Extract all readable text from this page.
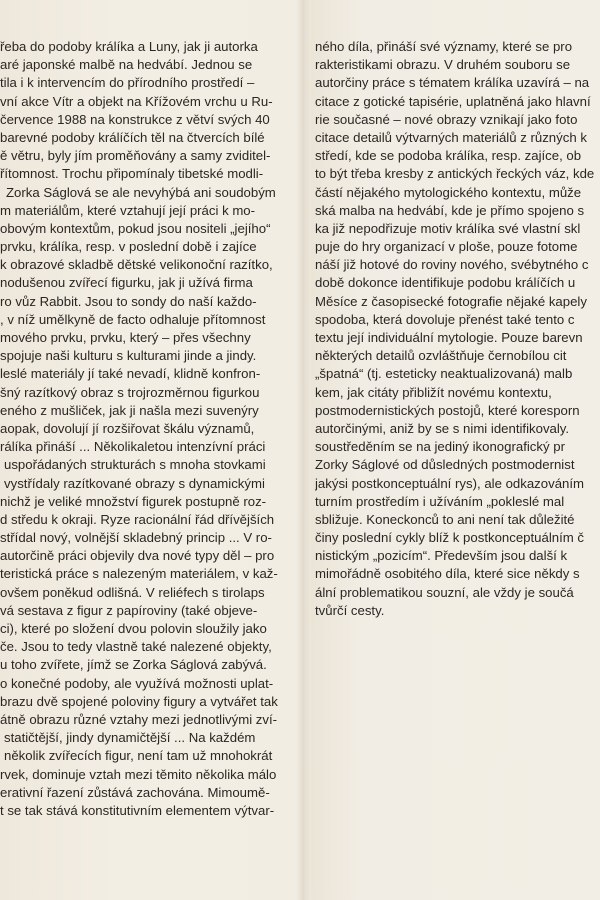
řeba do podoby králíka a Luny, jak ji autorka
aré japonské malbě na hedvábí. Jednou se
tila i k intervencím do přírodního prostředí –
vní akce Vítr a objekt na Křížovém vrchu u Ru-
července 1988 na konstrukce z větví svých 40
barevné podoby králíčích těl na čtvercích bílé
ě větru, byly jím proměňovány a samy zviditel-
řítomnost. Trochu připomínaly tibetské modli-
Zorka Ságlová se ale nevyhýbá ani soudobým
m materiálům, které vztahují její práci k mo-
obovým kontextům, pokud jsou nositeli „jejího“
prvku, králíka, resp. v poslední době i zajíce
k obrazové skladbě dětské velikonoční razítko,
nodušenou zvířecí figurku, jak ji užívá firma
ro vůz Rabbit. Jsou to sondy do naší každo-
, v níž umělkyně de facto odhaluje přítomnost
mového prvku, prvku, který – přes všechny
spojuje naši kulturu s kulturami jinde a jindy.
leslé materiály jí také nevadí, klidně konfron-
šný razítkový obraz s trojrozměrnou figurkou
eného z mušliček, jak ji našla mezi suvenýry
aopak, dovolují jí rozšiřovat škálu významů,
rálíka přináší ... Několikaletou intenzívní práci
uspořádaných strukturách s mnoha stovkami
vystřídaly razítkované obrazy s dynamickými
nichž je veliké množství figurek postupně roz-
d středu k okraji. Ryze racionální řád dřívějších
střídal nový, volnější skladebný princip ... V ro-
autorčině práci objevily dva nové typy děl – pro
teristická práce s nalezeným materiálem, v kaž-
ovšem poněkud odlišná. V reliéfech s tirolaps
vá sestava z figur z papíroviny (také objeve-
ci), které po složení dvou polovin sloužily jako
če. Jsou to tedy vlastně také nalezené objekty,
u toho zvířete, jímž se Zorka Ságlová zabývá.
o konečné podoby, ale využívá možnosti uplat-
brazu dvě spojené poloviny figury a vytvářet tak
átně obrazu různé vztahy mezi jednotlivými zví-
statičtější, jindy dynamičtější ... Na každém
několik zvířecích figur, není tam už mnohokrát
rvek, dominuje vztah mezi těmito několika málo
erativní řazení zůstává zachována. Mimoumě-
t se tak stává konstitutivním elementem výtvar-
ného díla, přináší své významy, které se pro
rakteristikami obrazu. V druhém souboru se
autorčiny práce s tématem králíka uzavírá – na
citace z gotické tapisérie, uplatněná jako hlavní
rie současné – nové obrazy vznikají jako foto
citace detailů výtvarných materiálů z různých k
středí, kde se podoba králíka, resp. zajíce, ob
to být třeba kresby z antických řeckých váz, kde
částí nějakého mytologického kontextu, může
ská malba na hedvábí, kde je přímo spojeno s
ka již nepodřizuje motiv králíka své vlastní skl
puje do hry organizací v ploše, pouze fotome
náší již hotové do roviny nového, svébytného c
době dokonce identifikuje podobu králíčích u
Měsíce z časopisecké fotografie nějaké kapely
spodoba, která dovoluje přenést také tento c
textu její individuální mytologie. Pouze barevn
některých detailů ozvláštňuje černobílou cit
„špatná“ (tj. esteticky neaktualizovaná) malb
kem, jak citáty přibližít novému kontextu,
postmodernistických postojů, které koresporn
autorčinými, aniž by se s nimi identifikovaly.
soustředěním se na jediný ikonografický pr
Zorky Ságlové od důsledných postmodernist
jakýsi postkonceptuální rys), ale odkazováním
turním prostředím i užíváním „pokleslé mal
sbližuje. Koneckonců to ani není tak důležité
činy poslední cykly blíž k postkonceptuálním č
nistickým „pozicím“. Především jsou další k
mimořádně osobitého díla, které sice někdy s
ální problematikou souzní, ale vždy je součá
tvůrčí cesty.
